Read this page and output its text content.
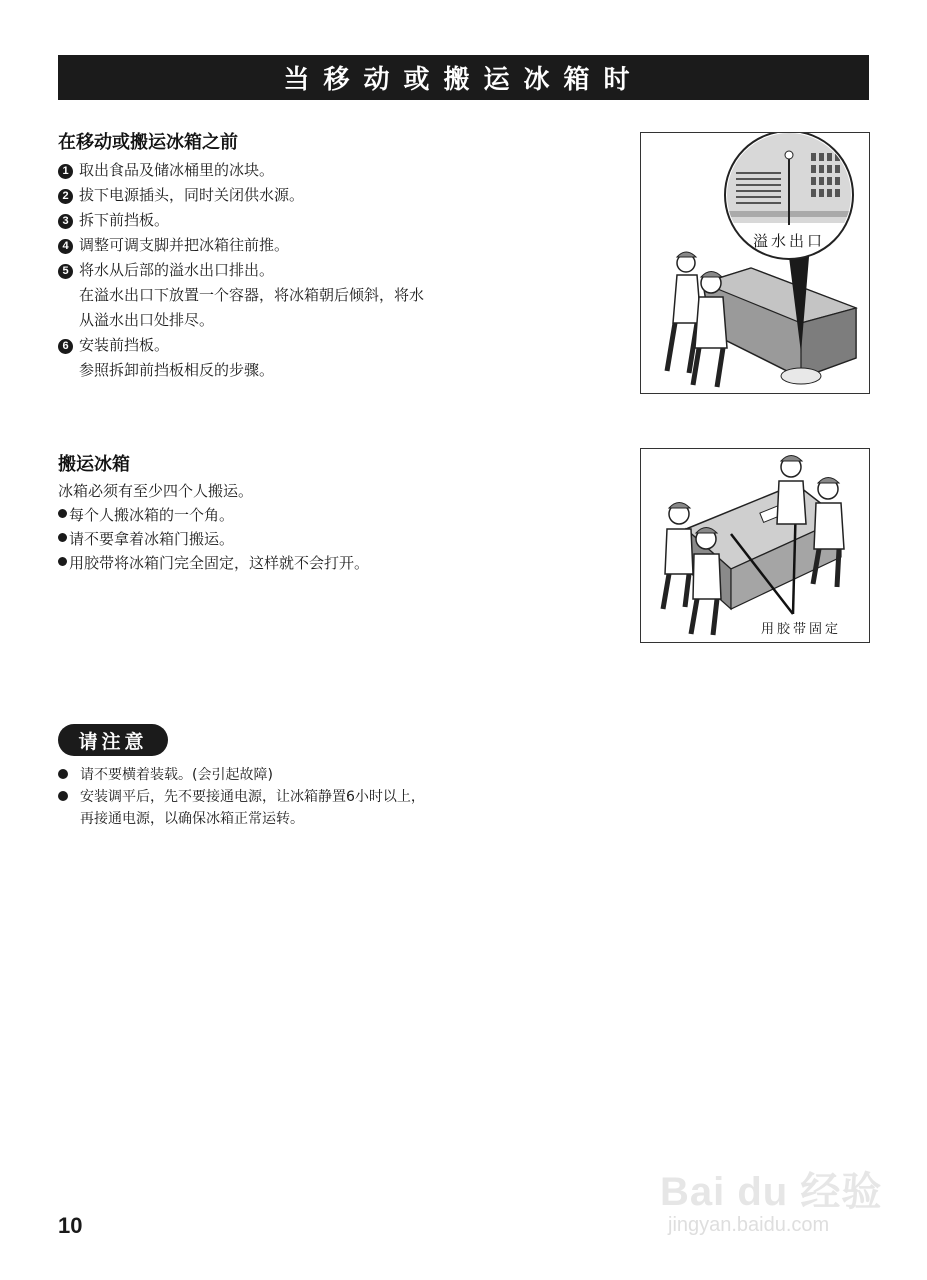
当移动或搬运冰箱时
在移动或搬运冰箱之前
1 取出食品及储冰桶里的冰块。
2 拔下电源插头，同时关闭供水源。
3 拆下前挡板。
4 调整可调支脚并把冰箱往前推。
5 将水从后部的溢水出口排出。
在溢水出口下放置一个容器，将冰箱朝后倾斜，将水
从溢水出口处排尽。
6 安装前挡板。
参照拆卸前挡板相反的步骤。
溢水出口
搬运冰箱
冰箱必须有至少四个人搬运。
每个人搬冰箱的一个角。
请不要拿着冰箱门搬运。
用胶带将冰箱门完全固定，这样就不会打开。
用胶带固定
请注意
请不要横着装载。(会引起故障)
安装调平后，先不要接通电源，让冰箱静置6小时以上，
再接通电源，以确保冰箱正常运转。
10
Bai du 经验
jingyan.baidu.com
